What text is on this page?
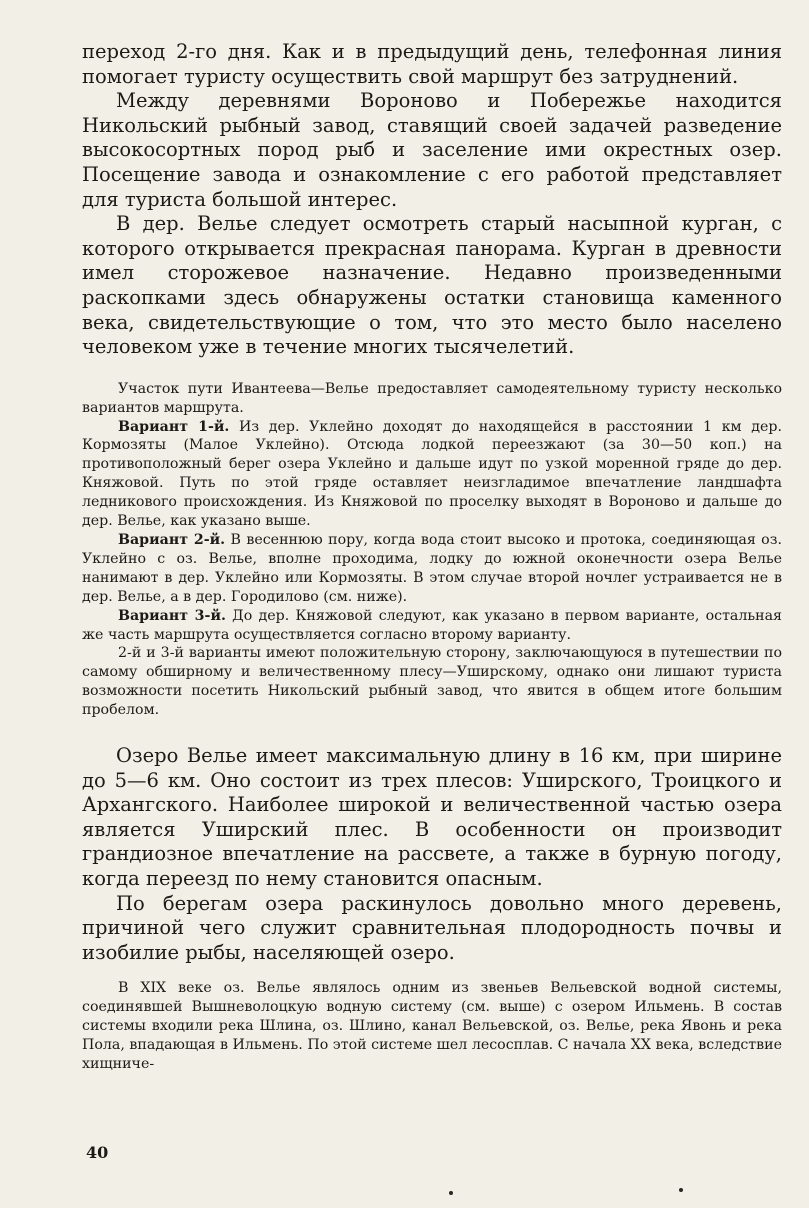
переход 2-го дня. Как и в предыдущий день, телефонная линия помогает туристу осуществить свой маршрут без затруднений.

Между деревнями Вороново и Побережье находится Никольский рыбный завод, ставящий своей задачей разведение высокосортных пород рыб и заселение ими окрестных озер. Посещение завода и ознакомление с его работой представляет для туриста большой интерес.

В дер. Велье следует осмотреть старый насыпной курган, с которого открывается прекрасная панорама. Курган в древности имел сторожевое назначение. Недавно произведенными раскопками здесь обнаружены остатки становища каменного века, свидетельствующие о том, что это место было населено человеком уже в течение многих тысячелетий.

Участок пути Ивантеева—Велье предоставляет самодеятельному туристу несколько вариантов маршрута.

Вариант 1-й. Из дер. Уклейно доходят до находящейся в расстоянии 1 км дер. Кормозяты (Малое Уклейно). Отсюда лодкой переезжают (за 30—50 коп.) на противоположный берег озера Уклейно и дальше идут по узкой моренной гряде до дер. Княжовой. Путь по этой гряде оставляет неизгладимое впечатление ландшафта ледникового происхождения. Из Княжовой по проселку выходят в Вороново и дальше до дер. Велье, как указано выше.

Вариант 2-й. В весеннюю пору, когда вода стоит высоко и протока, соединяющая оз. Уклейно с оз. Велье, вполне проходима, лодку до южной оконечности озера Велье нанимают в дер. Уклейно или Кормозяты. В этом случае второй ночлег устраивается не в дер. Велье, а в дер. Городилово (см. ниже).

Вариант 3-й. До дер. Княжовой следуют, как указано в первом варианте, остальная же часть маршрута осуществляется согласно второму варианту.

2-й и 3-й варианты имеют положительную сторону, заключающуюся в путешествии по самому обширному и величественному плесу—Уширскому, однако они лишают туриста возможности посетить Никольский рыбный завод, что явится в общем итоге большим пробелом.

Озеро Велье имеет максимальную длину в 16 км, при ширине до 5—6 км. Оно состоит из трех плесов: Уширского, Троицкого и Архангского. Наиболее широкой и величественной частью озера является Уширский плес. В особенности он производит грандиозное впечатление на рассвете, а также в бурную погоду, когда переезд по нему становится опасным.

По берегам озера раскинулось довольно много деревень, причиной чего служит сравнительная плодородность почвы и изобилие рыбы, населяющей озеро.

В XIX веке оз. Велье являлось одним из звеньев Вельевской водной системы, соединявшей Вышневолоцкую водную систему (см. выше) с озером Ильмень. В состав системы входили река Шлина, оз. Шлино, канал Вельевской, оз. Велье, река Явонь и река Пола, впадающая в Ильмень. По этой системе шел лесосплав. С начала XX века, вследствие хищниче-

40
